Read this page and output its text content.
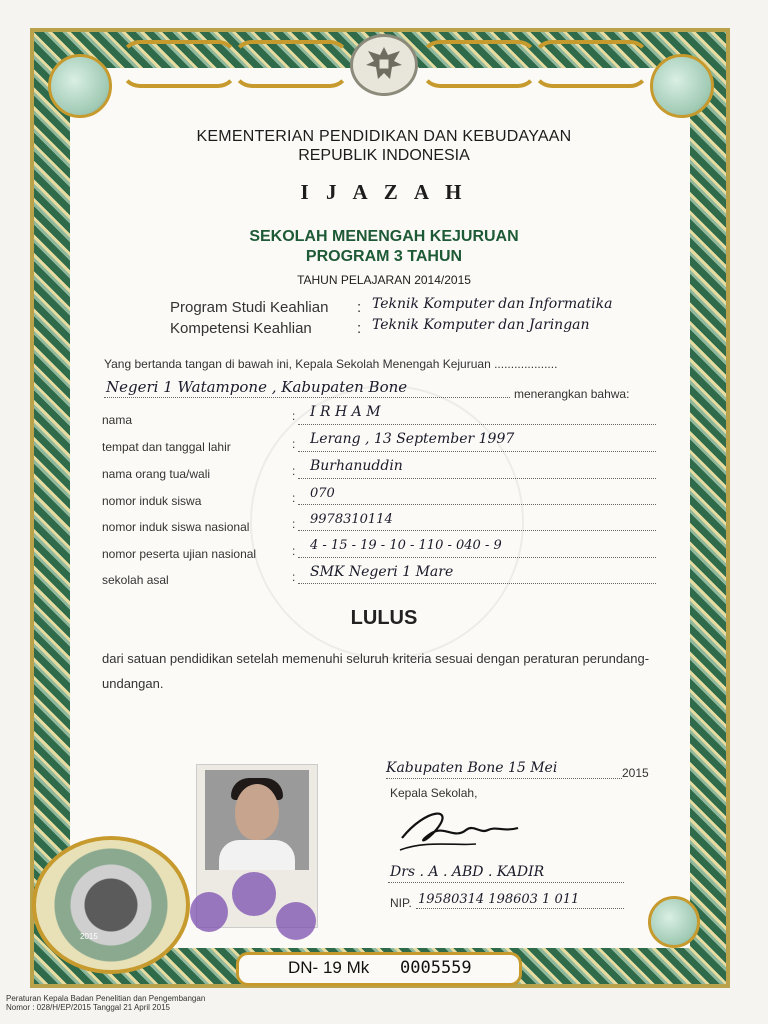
KEMENTERIAN PENDIDIKAN DAN KEBUDAYAAN
REPUBLIK INDONESIA
I J A Z A H
SEKOLAH MENENGAH KEJURUAN
PROGRAM 3 TAHUN
TAHUN PELAJARAN 2014/2015
Program Studi Keahlian : Teknik Komputer dan Informatika
Kompetensi Keahlian	: Teknik Komputer dan Jaringan
Yang bertanda tangan di bawah ini, Kepala Sekolah Menengah Kejuruan ...................
Negeri 1 Watampone , Kabupaten Bone	menerangkan bahwa:
nama	: I R H A M
tempat dan tanggal lahir	: Lerang , 13 September 1997
nama orang tua/wali	: Burhanuddin
nomor induk siswa	: 070
nomor induk siswa nasional	: 9978310114
nomor peserta ujian nasional	: 4 - 15 - 19 - 10 - 110 - 040 - 9
sekolah asal	: SMK Negeri 1 Mare
LULUS
dari satuan pendidikan setelah memenuhi seluruh kriteria sesuai dengan peraturan perundang-undangan.
2015
Kabupaten Bone 15 Mei	2015
Kepala Sekolah,
Drs . A . ABD . KADIR
NIP. 19580314 198603 1 011
DN- 19 Mk 0005559
Peraturan Kepala Badan Penelitian dan Pengembangan
Nomor : 028/H/EP/2015 Tanggal 21 April 2015
